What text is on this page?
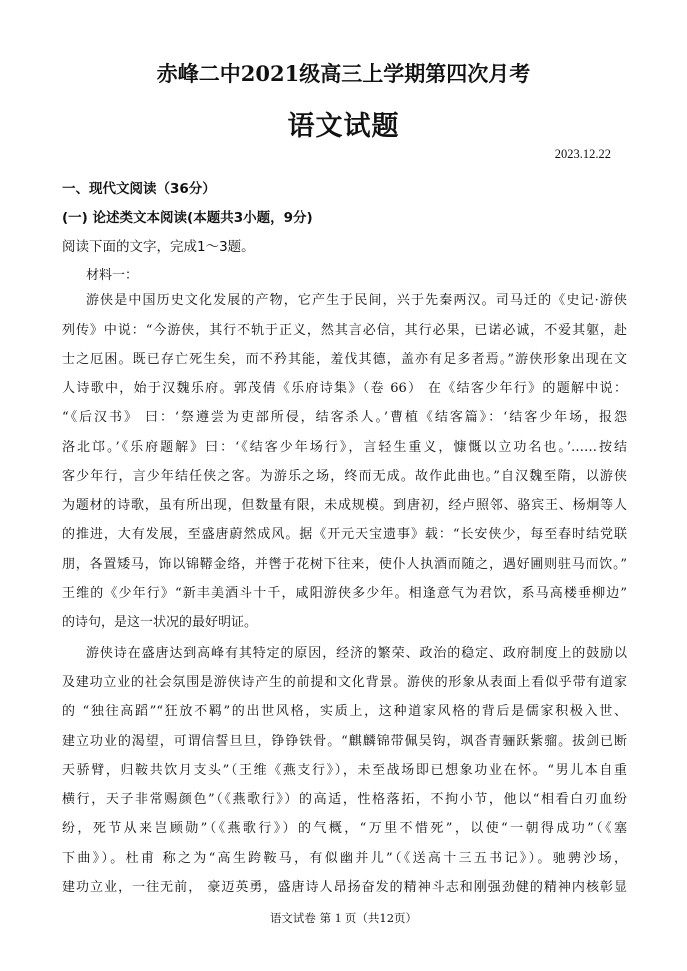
赤峰二中2021级高三上学期第四次月考
语文试题
2023.12.22
一、现代文阅读（36分）
(一) 论述类文本阅读(本题共3小题，9分)
阅读下面的文字，完成1～3题。
材料一：
游侠是中国历史文化发展的产物，它产生于民间，兴于先秦两汉。司马迁的《史记·游侠
列传》中说：“今游侠，其行不轨于正义，然其言必信，其行必果，已诺必诚，不爱其躯，赴
士之厄困。既已存亡死生矣，而不矜其能，羞伐其德，盖亦有足多者焉。”游侠形象出现在文
人诗歌中，始于汉魏乐府。郭茂倩《乐府诗集》（卷 66） 在《结客少年行》的题解中说：
“《后汉书》 曰：‘祭遵尝为吏部所侵，结客杀人。’曹植《结客篇》：‘结客少年场，报怨
洛北邙。’《乐府题解》曰：‘《结客少年场行》，言轻生重义，慷慨以立功名也。’……按结
客少年行，言少年结任侠之客。为游乐之场，终而无成。故作此曲也。”自汉魏至隋，以游侠
为题材的诗歌，虽有所出现，但数量有限，未成规模。到唐初，经卢照邻、骆宾王、杨炯等人
的推进，大有发展，至盛唐蔚然成风。据《开元天宝遗事》载：“长安侠少，每至春时结党联
朋，各置矮马，饰以锦鞯金络，并辔于花树下往来，使仆人执酒而随之，遇好圃则驻马而饮。”
王维的《少年行》“新丰美酒斗十千，咸阳游侠多少年。相逢意气为君饮，系马高楼垂柳边”
的诗句，是这一状况的最好明证。
游侠诗在盛唐达到高峰有其特定的原因，经济的繁荣、政治的稳定、政府制度上的鼓励以
及建功立业的社会氛围是游侠诗产生的前提和文化背景。游侠的形象从表面上看似乎带有道家
的 “独往高蹈”“狂放不羁”的出世风格，实质上，这种道家风格的背后是儒家积极入世、
建立功业的渴望，可谓信誓旦旦，铮铮铁骨。“麒麟锦带佩吴钩，飒沓青骊跃紫骝。拔剑已断
天骄臂，归鞍共饮月支头”（王维《燕支行》），未至战场即已想象功业在怀。“男儿本自重
横行，天子非常赐颜色”（《燕歌行》）的高适，性格落拓，不拘小节，他以“相看白刃血纷
纷，死节从来岂顾勋”（《燕歌行》）的气概，“万里不惜死”，以使“一朝得成功”（《塞
下曲》）。杜甫 称之为“高生跨鞍马，有似幽并儿”（《送高十三五书记》）。驰骋沙场，
建功立业，一往无前， 豪迈英勇，盛唐诗人昂扬奋发的精神斗志和刚强劲健的精神内核彰显
语文试卷 第 1 页（共12页）
